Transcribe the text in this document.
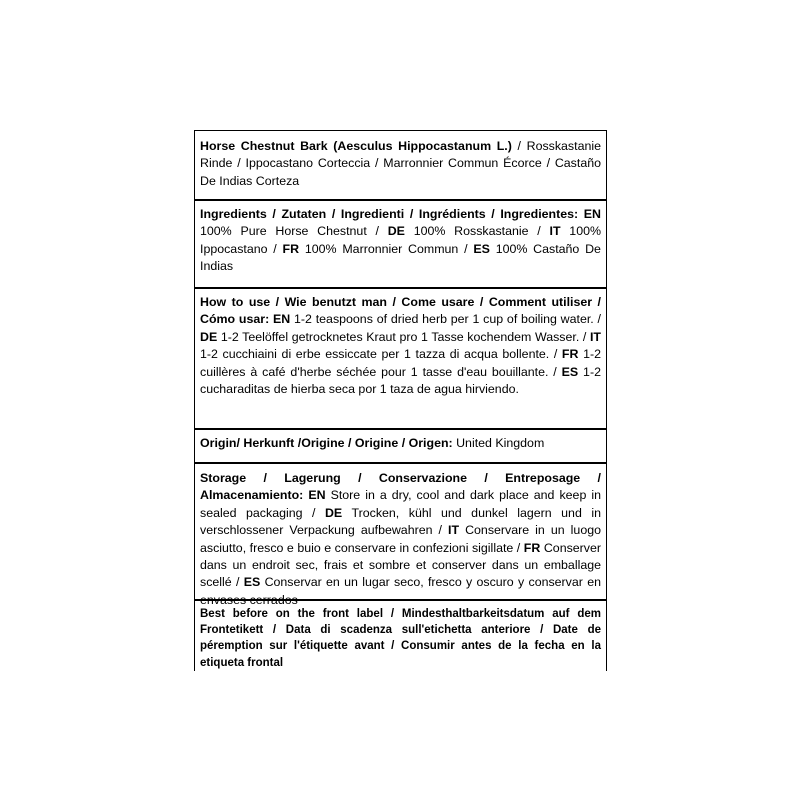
Horse Chestnut Bark (Aesculus Hippocastanum L.) / Rosskastanie Rinde / Ippocastano Corteccia / Marronnier Commun Écorce / Castaño De Indias Corteza
Ingredients / Zutaten / Ingredienti / Ingrédients / Ingredientes: EN 100% Pure Horse Chestnut / DE 100% Rosskastanie / IT 100% Ippocastano / FR 100% Marronnier Commun / ES 100% Castaño De Indias
How to use / Wie benutzt man / Come usare / Comment utiliser / Cómo usar: EN 1-2 teaspoons of dried herb per 1 cup of boiling water. / DE 1-2 Teelöffel getrocknetes Kraut pro 1 Tasse kochendem Wasser. / IT 1-2 cucchiaini di erbe essiccate per 1 tazza di acqua bollente. / FR 1-2 cuillères à café d'herbe séchée pour 1 tasse d'eau bouillante. / ES 1-2 cucharaditas de hierba seca por 1 taza de agua hirviendo.
Origin/ Herkunft /Origine / Origine / Origen: United Kingdom
Storage / Lagerung / Conservazione / Entreposage / Almacenamiento: EN Store in a dry, cool and dark place and keep in sealed packaging / DE Trocken, kühl und dunkel lagern und in verschlossener Verpackung aufbewahren / IT Conservare in un luogo asciutto, fresco e buio e conservare in confezioni sigillate / FR Conserver dans un endroit sec, frais et sombre et conserver dans un emballage scellé / ES Conservar en un lugar seco, fresco y oscuro y conservar en
Best before on the front label / Mindesthaltbarkeitsdatum auf dem Frontetikett / Data di scadenza sull'etichetta anteriore / Date de péremption sur l'étiquette avant / Consumir antes de la fecha en la etiqueta frontal
